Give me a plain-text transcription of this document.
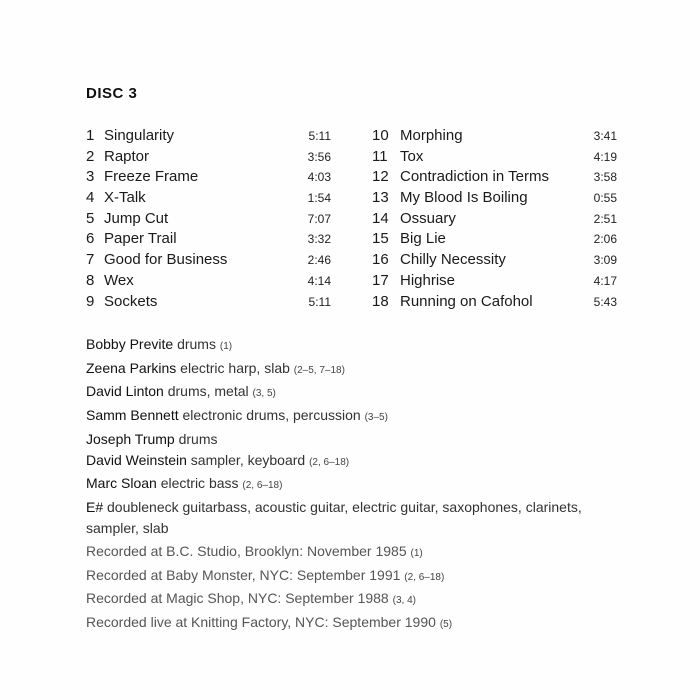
DISC 3
1 Singularity	5:11
2 Raptor	3:56
3 Freeze Frame	4:03
4 X-Talk	1:54
5 Jump Cut	7:07
6 Paper Trail	3:32
7 Good for Business	2:46
8 Wex	4:14
9 Sockets	5:11
10 Morphing	3:41
11 Tox	4:19
12 Contradiction in Terms	3:58
13 My Blood Is Boiling	0:55
14 Ossuary	2:51
15 Big Lie	2:06
16 Chilly Necessity	3:09
17 Highrise	4:17
18 Running on Cafohol	5:43
Bobby Previte drums (1)
Zeena Parkins electric harp, slab (2–5, 7–18)
David Linton drums, metal (3, 5)
Samm Bennett electronic drums, percussion (3–5)
Joseph Trump drums
David Weinstein sampler, keyboard (2, 6–18)
Marc Sloan electric bass (2, 6–18)
E# doubleneck guitarbass, acoustic guitar, electric guitar, saxophones, clarinets, sampler, slab
Recorded at B.C. Studio, Brooklyn: November 1985 (1)
Recorded at Baby Monster, NYC: September 1991 (2, 6–18)
Recorded at Magic Shop, NYC: September 1988 (3, 4)
Recorded live at Knitting Factory, NYC: September 1990 (5)
